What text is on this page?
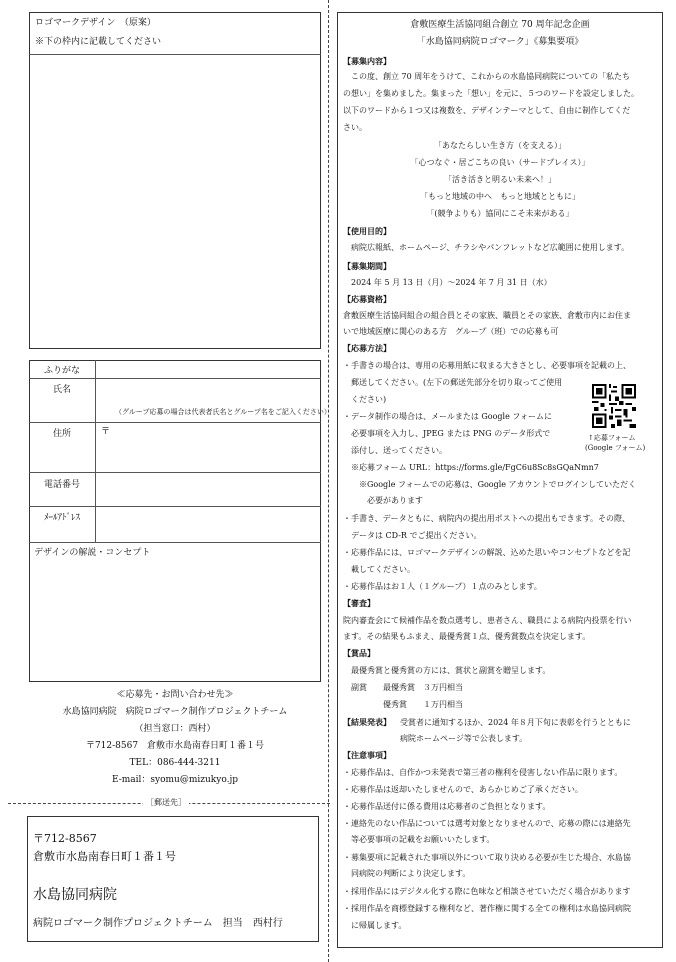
ロゴマークデザイン　（原案）
※下の枠内に記載してください
ふりがな
氏名
（グループ応募の場合は代表者氏名とグループ名をご記入ください）
住所	〒
電話番号
ﾒｰﾙｱﾄﾞﾚｽ
デザインの解説・コンセプト
≪応募先・お問い合わせ先≫
水島協同病院　病院ロゴマーク制作プロジェクトチーム
（担当窓口：西村）
〒712-8567　倉敷市水島南春日町１番１号
TEL：086-444-3211
E-mail：syomu@mizukyo.jp
［郵送先］
〒712-8567
倉敷市水島南春日町１番１号
水島協同病院
病院ロゴマーク制作プロジェクトチーム　担当　西村行
倉敷医療生活協同組合創立 70 周年記念企画
「水島協同病院ロゴマーク」《募集要項》
【募集内容】
　この度、創立 70 周年をうけて、これからの水島協同病院についての「私たち
の想い」を集めました。集まった「想い」を元に、５つのワードを設定しました。
以下のワードから１つ又は複数を、デザインテーマとして、自由に制作してくだ
さい。
「あなたらしい生き方（を支える）」
「心つなぐ・居ごこちの良い（サードプレイス）」
「活き活きと明るい未来へ！」
「もっと地域の中へ　もっと地域とともに」
「(競争よりも）協同にこそ未来がある」
【使用目的】
　病院広報紙、ホームページ、チラシやパンフレットなど広範囲に使用します。
【募集期間】
　2024 年 5 月 13 日（月）～2024 年 7 月 31 日（水）
【応募資格】
倉敷医療生活協同組合の組合員とその家族、職員とその家族、倉敷市内にお住ま
いで地域医療に関心のある方　グループ（班）での応募も可
【応募方法】
・手書きの場合は、専用の応募用紙に収まる大きさとし、必要事項を記載の上、
　郵送してください。(左下の郵送先部分を切り取ってご使用
　ください)
・データ制作の場合は、メールまたは Google フォームに
　必要事項を入力し、JPEG または PNG のデータ形式で
　添付し、送ってください。
↑応募フォーム
(Google フォーム)
　※応募フォーム URL：https://forms.gle/FgC6u8Sc8sGQaNmn7
　　※Google フォームでの応募は、Google アカウントでログインしていただく
　　　必要があります
・手書き、データともに、病院内の提出用ポストへの提出もできます。その際、
　データは CD-R でご提出ください。
・応募作品には、ロゴマークデザインの解説、込めた思いやコンセプトなどを記
　載してください。
・応募作品はお１人（１グループ）１点のみとします。
【審査】
院内審査会にて候補作品を数点選考し、患者さん、職員による病院内投票を行い
ます。その結果もふまえ、最優秀賞１点、優秀賞数点を決定します。
【賞品】
　最優秀賞と優秀賞の方には、賞状と副賞を贈呈します。
　副賞　　最優秀賞　３万円相当
　　　　　優秀賞　　１万円相当
【結果発表】 　受賞者に通知するほか、2024 年８月下旬に表彰を行うとともに
　病院ホームページ等で公表します。
【注意事項】
・応募作品は、自作かつ未発表で第三者の権利を侵害しない作品に限ります。
・応募作品は返却いたしませんので、あらかじめご了承ください。
・応募作品送付に係る費用は応募者のご負担となります。
・連絡先のない作品については選考対象となりませんので、応募の際には連絡先
　等必要事項の記載をお願いいたします。
・募集要項に記載された事項以外について取り決める必要が生じた場合、水島協
　同病院の判断により決定します。
・採用作品にはデジタル化する際に色味など相談させていただく場合があります
・採用作品を商標登録する権利など、著作権に関する全ての権利は水島協同病院
　に帰属します。
